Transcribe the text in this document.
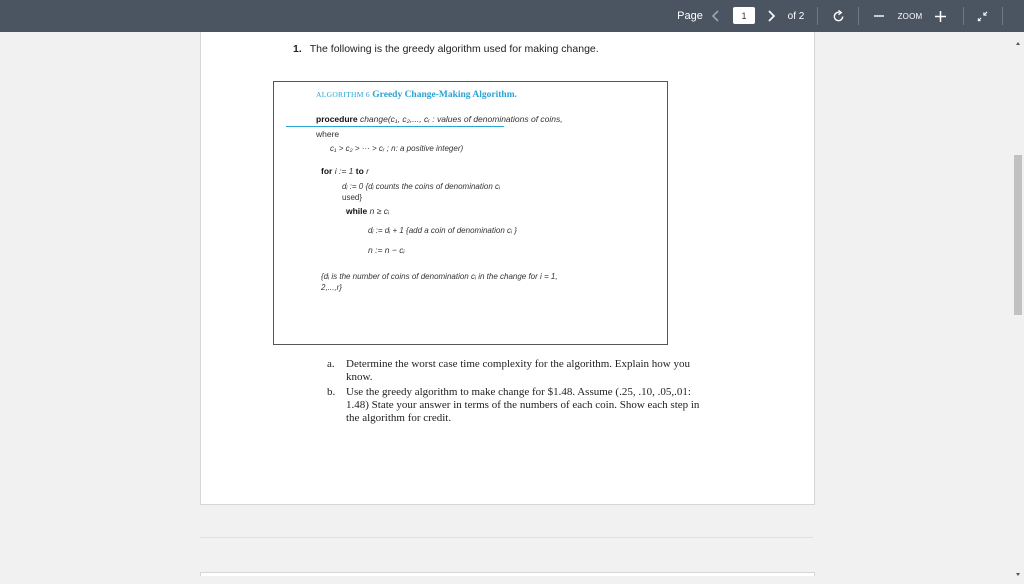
Page	1	of 2	ZOOM
1. The following is the greedy algorithm used for making change.
ALGORITHM 6 Greedy Change-Making Algorithm.
procedure change(c₁, c₂,..., cᵣ : values of denominations of coins,
where
c₁ > c₂ > ··· > cᵣ ; n: a positive integer)
for i := 1 to r
dᵢ := 0 {dᵢ counts the coins of denomination cᵢ
used}
while n ≥ cᵢ
dᵢ := dᵢ + 1 {add a coin of denomination cᵢ }
n := n − cᵢ
{dᵢ is the number of coins of denomination cᵢ in the change for i = 1,
2,...,r}
a. Determine the worst case time complexity for the algorithm. Explain how you
know.
b. Use the greedy algorithm to make change for $1.48. Assume (.25, .10, .05,.01:
1.48) State your answer in terms of the numbers of each coin. Show each step in
the algorithm for credit.
